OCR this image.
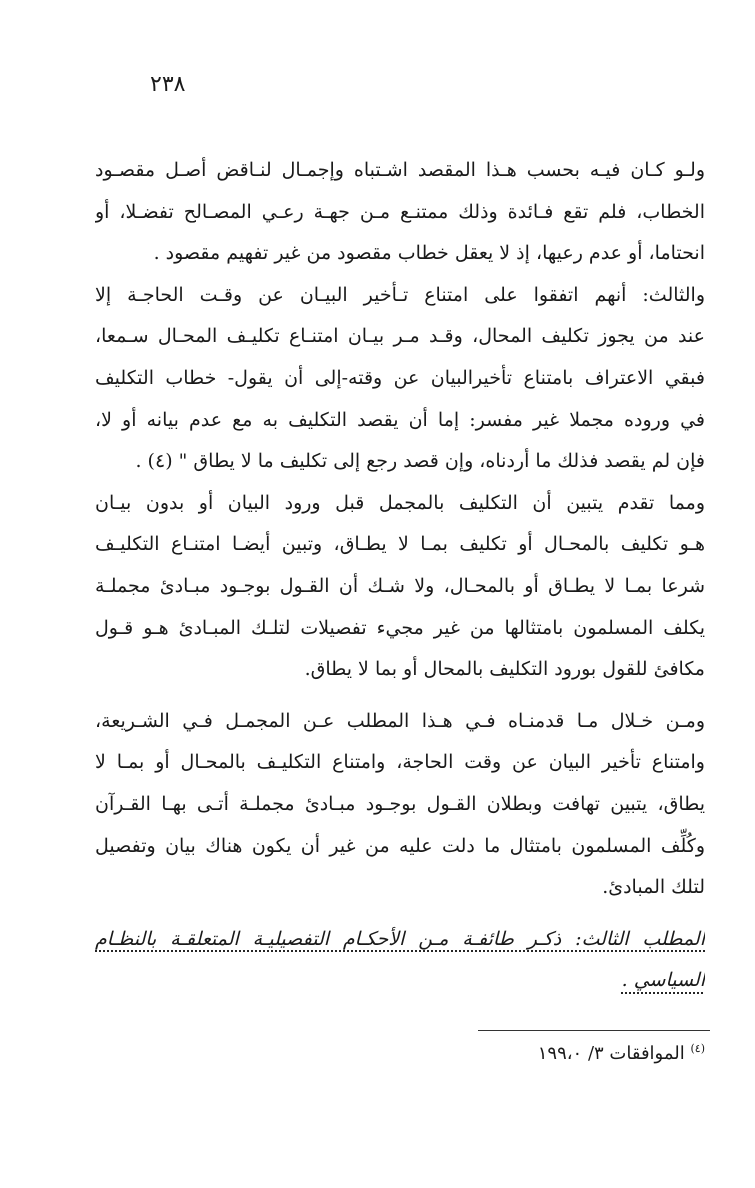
٢٣٨
ولـو كـان فيـه بحسب هـذا المقصد اشـتباه وإجمـال لنـاقض أصـل مقصـود
الخطاب، فلم تقع فـائدة وذلك ممتنـع مـن جهـة رعـي المصـالح تفضـلا، أو
انحتاما، أو عدم رعيها، إذ لا يعقل خطاب مقصود من غير تفهيم مقصود .
والثالث: أنهم اتفقوا على امتناع تـأخير البيـان عن وقـت الحاجـة إلا
عند من يجوز تكليف المحال، وقـد مـر بيـان امتنـاع تكليـف المحـال سـمعا،
فبقي الاعتراف بامتناع تأخيرالبيان عن وقته-إلى أن يقول- خطاب التكليف
في وروده مجملا غير مفسر: إما أن يقصد التكليف به مع عدم بيانه أو لا،
فإن لم يقصد فذلك ما أردناه، وإن قصد رجع إلى تكليف ما لا يطاق " (٤) .
ومما تقدم يتبين أن التكليف بالمجمل قبل ورود البيان أو بدون بيـان
هـو تكليف بالمحـال أو تكليف بمـا لا يطـاق، وتبين أيضـا امتنـاع التكليـف
شرعا بمـا لا يطـاق أو بالمحـال، ولا شـك أن القـول بوجـود مبـادئ مجملـة
يكلف المسلمون بامتثالها من غير مجيء تفصيلات لتلـك المبـادئ هـو قـول
مكافئ للقول بورود التكليف بالمحال أو بما لا يطاق.
ومـن خـلال مـا قدمنـاه فـي هـذا المطلب عـن المجمـل فـي الشـريعة،
وامتناع تأخير البيان عن وقت الحاجة، وامتناع التكليـف بالمحـال أو بمـا لا
يطاق، يتبين تهافت وبطلان القـول بوجـود مبـادئ مجملـة أتـى بهـا القـرآن
وكُلِّف المسلمون بامتثال ما دلت عليه من غير أن يكون هناك بيان وتفصيل
لتلك المبادئ.
المطلب الثالث: ذكـر طائفـة مـن الأحكـام التفصيليـة المتعلقـة بالنظـام
السياسي .
$^{(٤)}$ الموافقات ٣/ ١٩٩،٠
